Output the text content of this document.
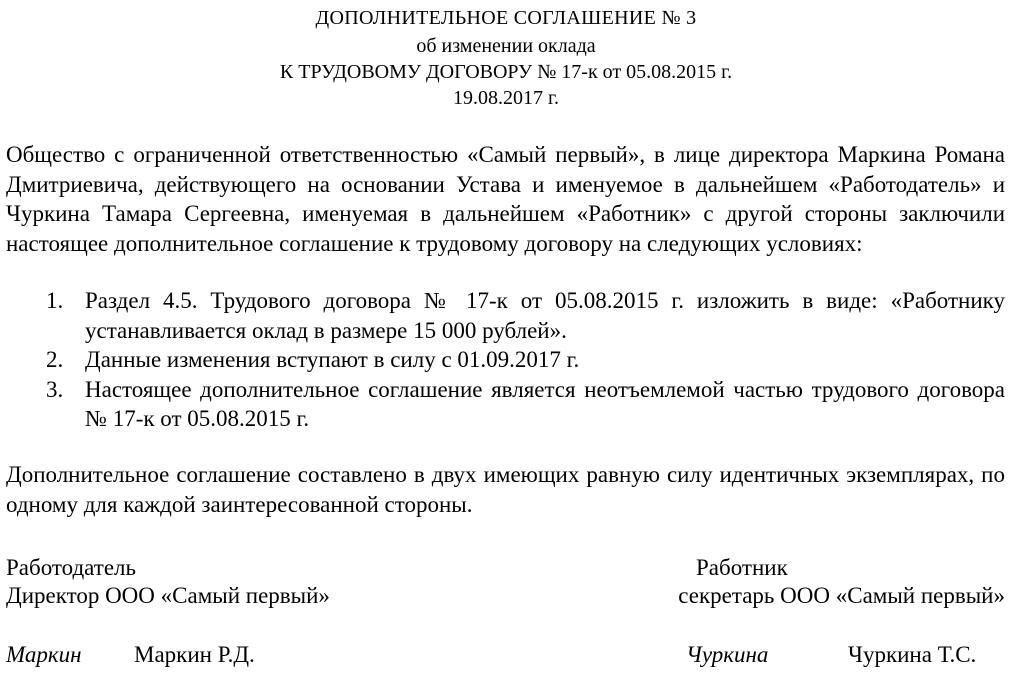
ДОПОЛНИТЕЛЬНОЕ СОГЛАШЕНИЕ № 3
об изменении оклада
К ТРУДОВОМУ ДОГОВОРУ № 17-к от 05.08.2015 г.
19.08.2017 г.
Общество с ограниченной ответственностью «Самый первый», в лице директора Маркина Романа Дмитриевича, действующего на основании Устава и именуемое в дальнейшем «Работодатель» и Чуркина Тамара Сергеевна, именуемая в дальнейшем «Работник» с другой стороны заключили настоящее дополнительное соглашение к трудовому договору на следующих условиях:
1. Раздел 4.5. Трудового договора № 17-к от 05.08.2015 г. изложить в виде: «Работнику устанавливается оклад в размере 15 000 рублей».
2. Данные изменения вступают в силу с 01.09.2017 г.
3. Настоящее дополнительное соглашение является неотъемлемой частью трудового договора № 17-к от 05.08.2015 г.
Дополнительное соглашение составлено в двух имеющих равную силу идентичных экземплярах, по одному для каждой заинтересованной стороны.
Работодатель
Директор ООО «Самый первый»
Работник
секретарь ООО «Самый первый»
Маркин Маркин Р.Д.	Чуркина	Чуркина Т.С.
